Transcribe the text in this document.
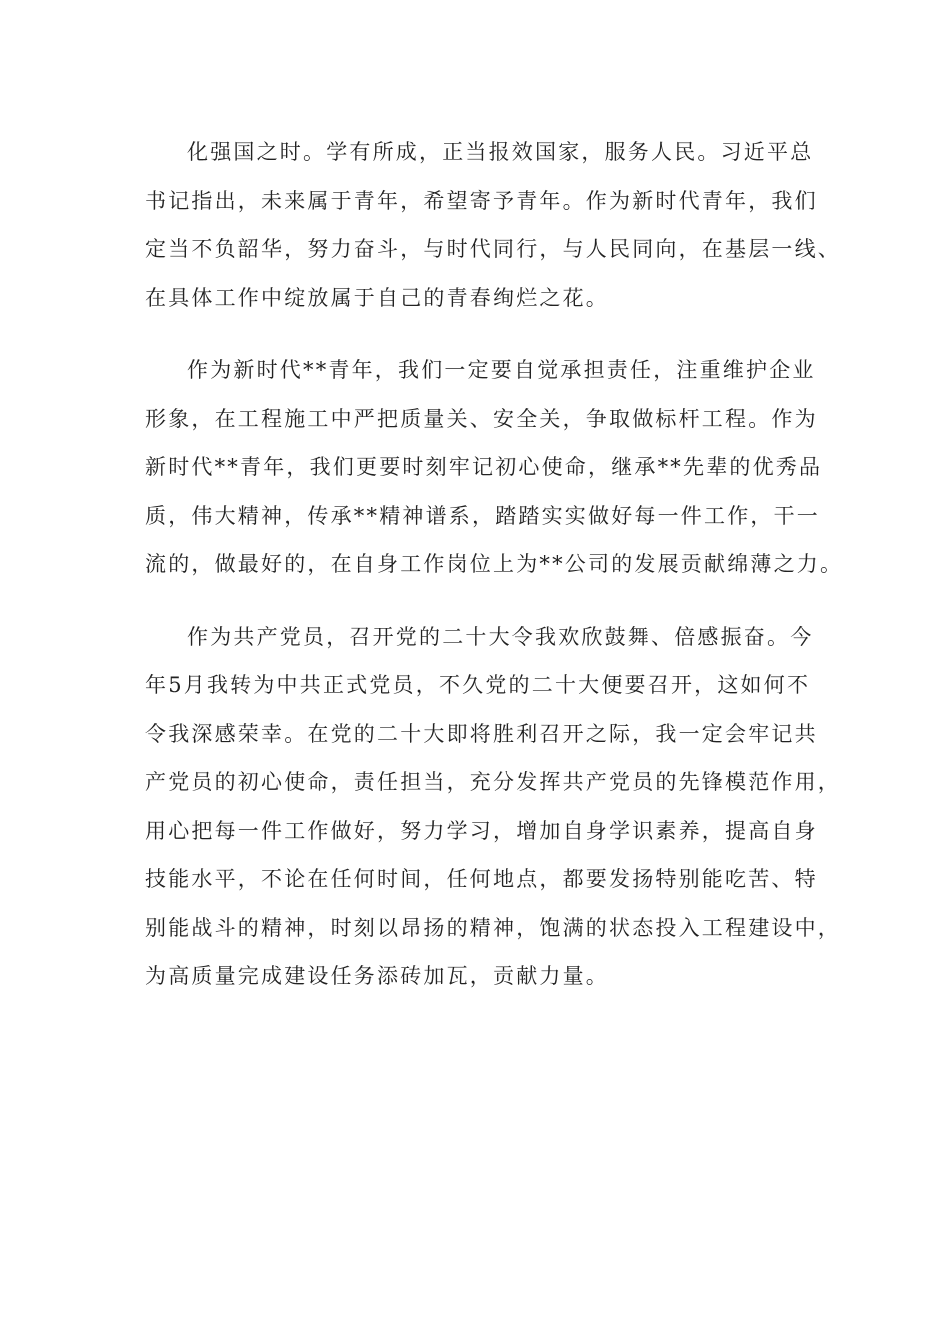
化强国之时。学有所成，正当报效国家，服务人民。习近平总
书记指出，未来属于青年，希望寄予青年。作为新时代青年，我们
定当不负韶华，努力奋斗，与时代同行，与人民同向，在基层一线、
在具体工作中绽放属于自己的青春绚烂之花。

作为新时代**青年，我们一定要自觉承担责任，注重维护企业
形象，在工程施工中严把质量关、安全关，争取做标杆工程。作为
新时代**青年，我们更要时刻牢记初心使命，继承**先辈的优秀品
质，伟大精神，传承**精神谱系，踏踏实实做好每一件工作，干一
流的，做最好的，在自身工作岗位上为**公司的发展贡献绵薄之力。

作为共产党员，召开党的二十大令我欢欣鼓舞、倍感振奋。今
年5月我转为中共正式党员，不久党的二十大便要召开，这如何不
令我深感荣幸。在党的二十大即将胜利召开之际，我一定会牢记共
产党员的初心使命，责任担当，充分发挥共产党员的先锋模范作用，
用心把每一件工作做好，努力学习，增加自身学识素养，提高自身
技能水平，不论在任何时间，任何地点，都要发扬特别能吃苦、特
别能战斗的精神，时刻以昂扬的精神，饱满的状态投入工程建设中，
为高质量完成建设任务添砖加瓦，贡献力量。
